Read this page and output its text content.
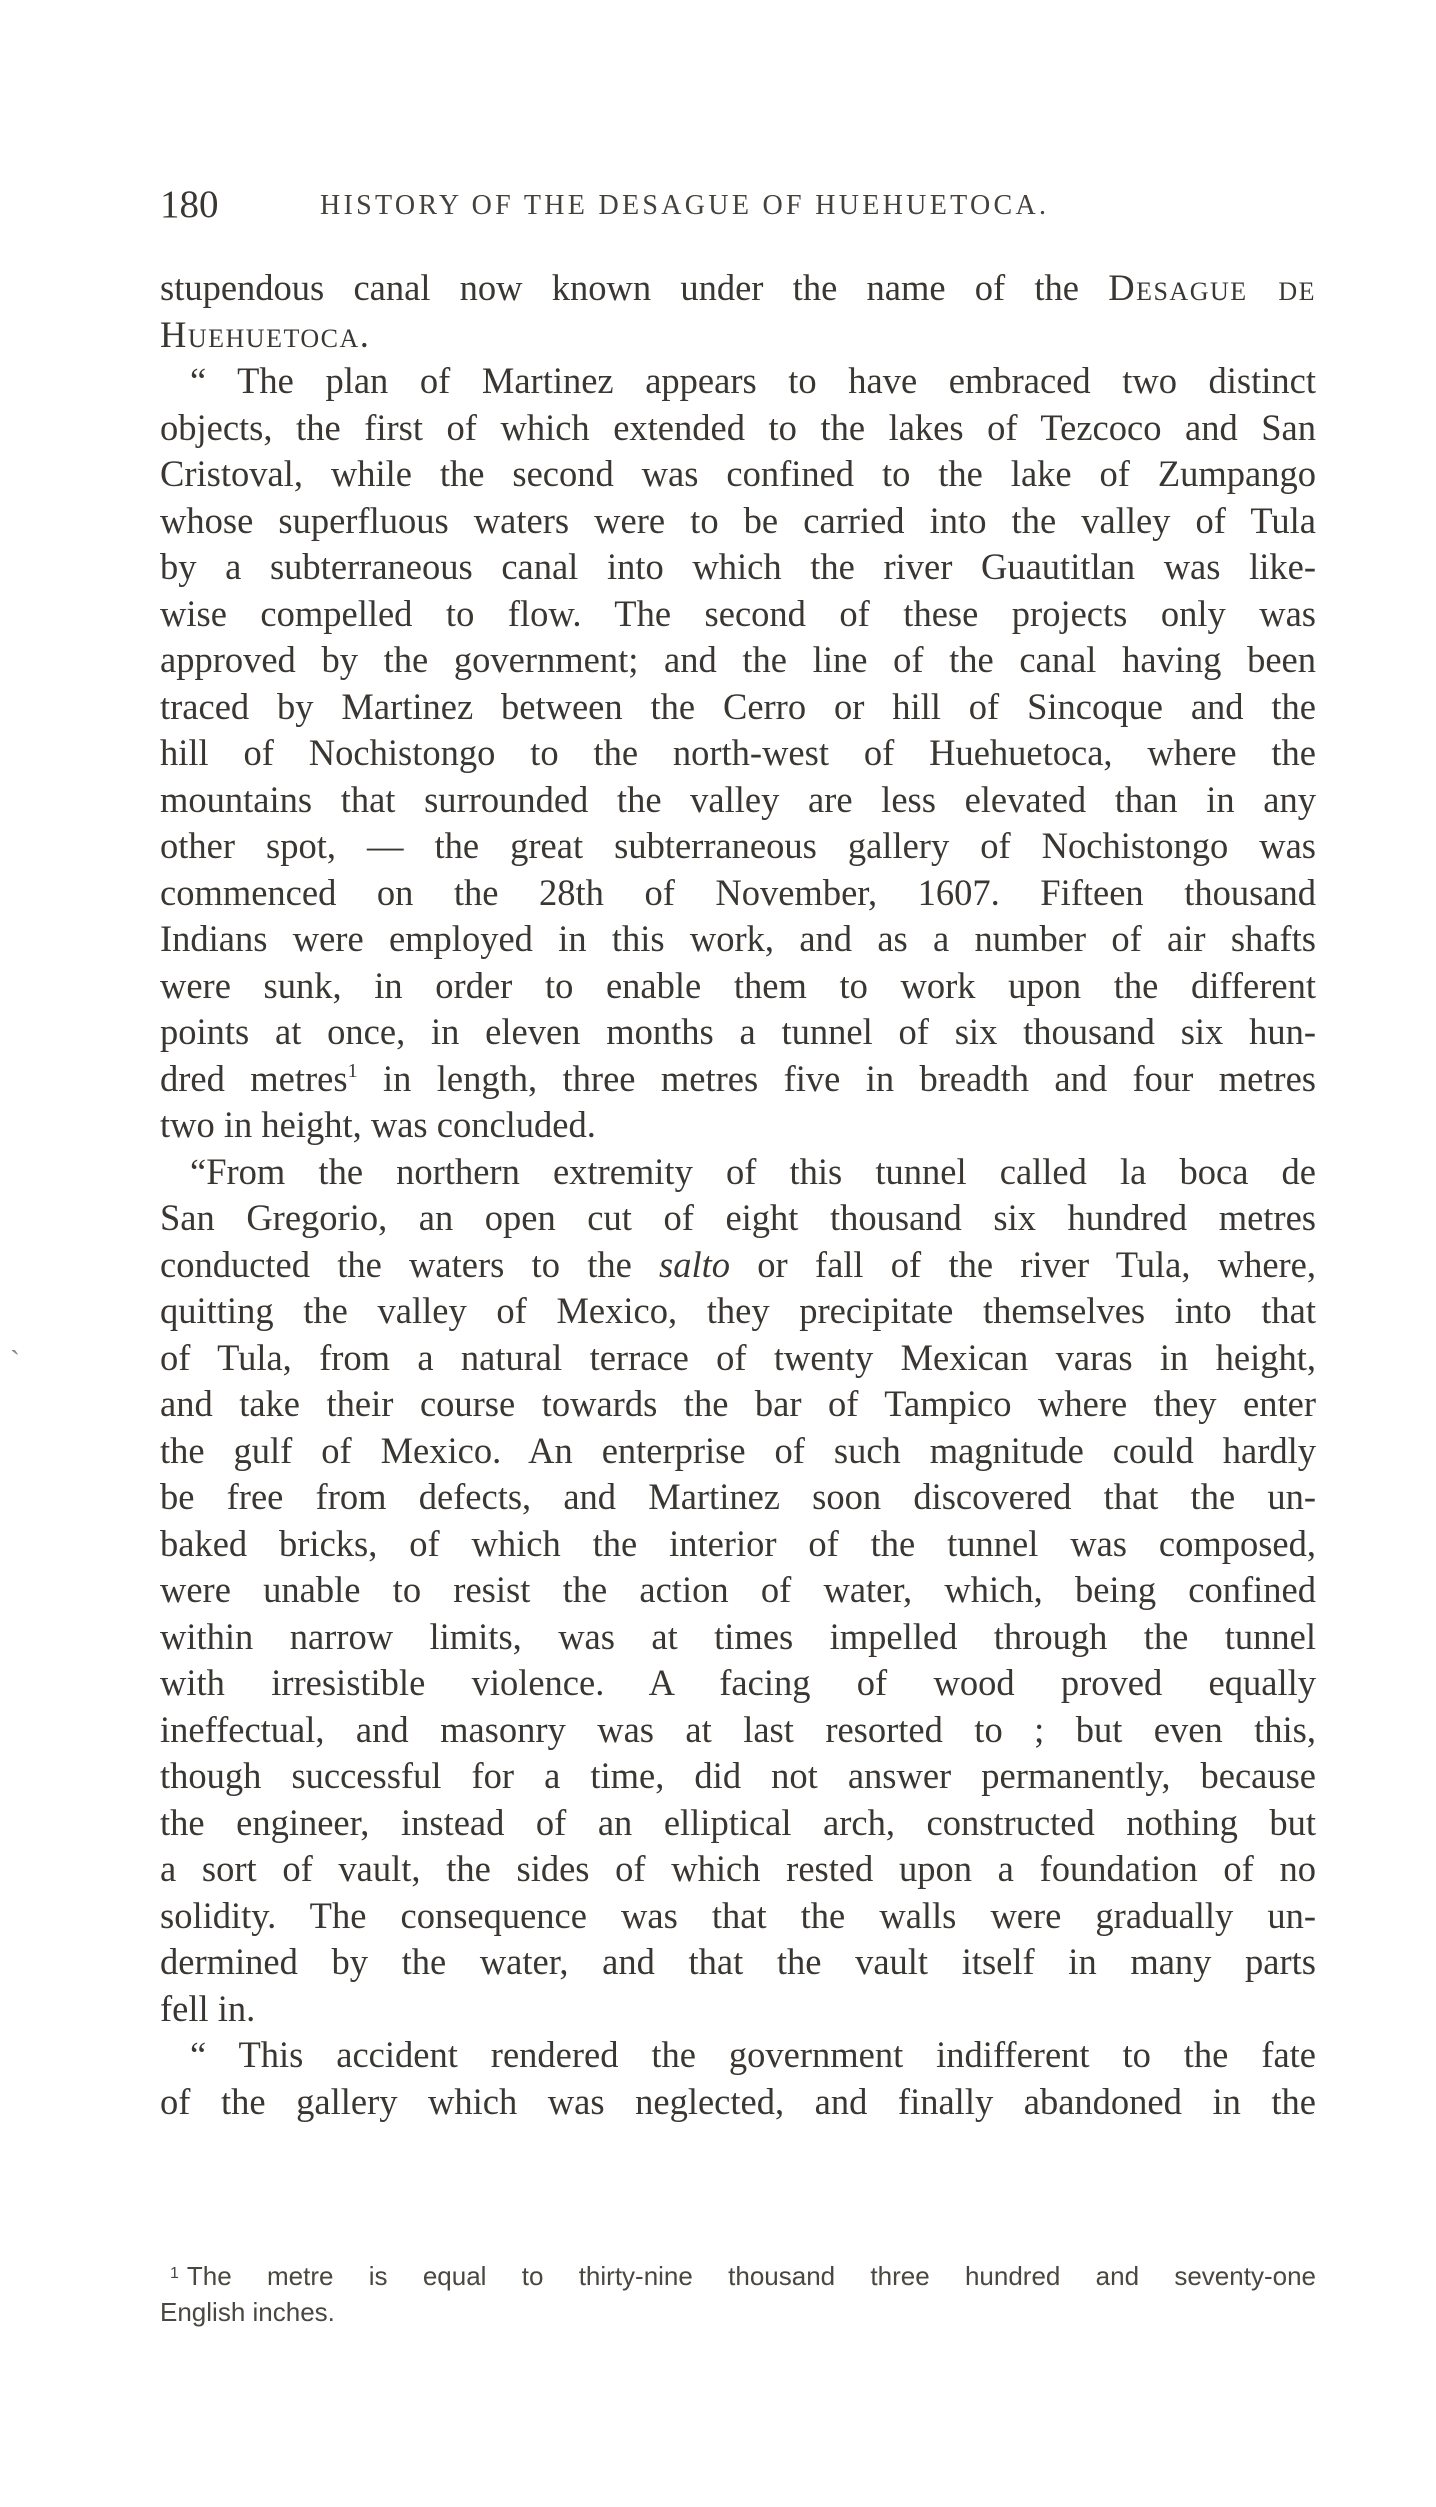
180	HISTORY OF THE DESAGUE OF HUEHUETOCA.
ˎ
stupendous canal now known under the name of the Desague de
Huehuetoca.
“ The plan of Martinez appears to have embraced two distinct
objects, the first of which extended to the lakes of Tezcoco and San
Cristoval, while the second was confined to the lake of Zumpango
whose superfluous waters were to be carried into the valley of Tula
by a subterraneous canal into which the river Guautitlan was like-
wise compelled to flow. The second of these projects only was
approved by the government; and the line of the canal having been
traced by Martinez between the Cerro or hill of Sincoque and the
hill of Nochistongo to the north-west of Huehuetoca, where the
mountains that surrounded the valley are less elevated than in any
other spot, — the great subterraneous gallery of Nochistongo was
commenced on the 28th of November, 1607. Fifteen thousand
Indians were employed in this work, and as a number of air shafts
were sunk, in order to enable them to work upon the different
points at once, in eleven months a tunnel of six thousand six hun-
dred metres$^1$ in length, three metres five in breadth and four metres
two in height, was concluded.
“From the northern extremity of this tunnel called la boca de
San Gregorio, an open cut of eight thousand six hundred metres
conducted the waters to the salto or fall of the river Tula, where,
quitting the valley of Mexico, they precipitate themselves into that
of Tula, from a natural terrace of twenty Mexican varas in height,
and take their course towards the bar of Tampico where they enter
the gulf of Mexico. An enterprise of such magnitude could hardly
be free from defects, and Martinez soon discovered that the un-
baked bricks, of which the interior of the tunnel was composed,
were unable to resist the action of water, which, being confined
within narrow limits, was at times impelled through the tunnel
with irresistible violence. A facing of wood proved equally
ineffectual, and masonry was at last resorted to ; but even this,
though successful for a time, did not answer permanently, because
the engineer, instead of an elliptical arch, constructed nothing but
a sort of vault, the sides of which rested upon a foundation of no
solidity. The consequence was that the walls were gradually un-
dermined by the water, and that the vault itself in many parts
fell in.
“ This accident rendered the government indifferent to the fate
of the gallery which was neglected, and finally abandoned in the
$^1$ The metre is equal to thirty-nine thousand three hundred and seventy-one
English inches.
